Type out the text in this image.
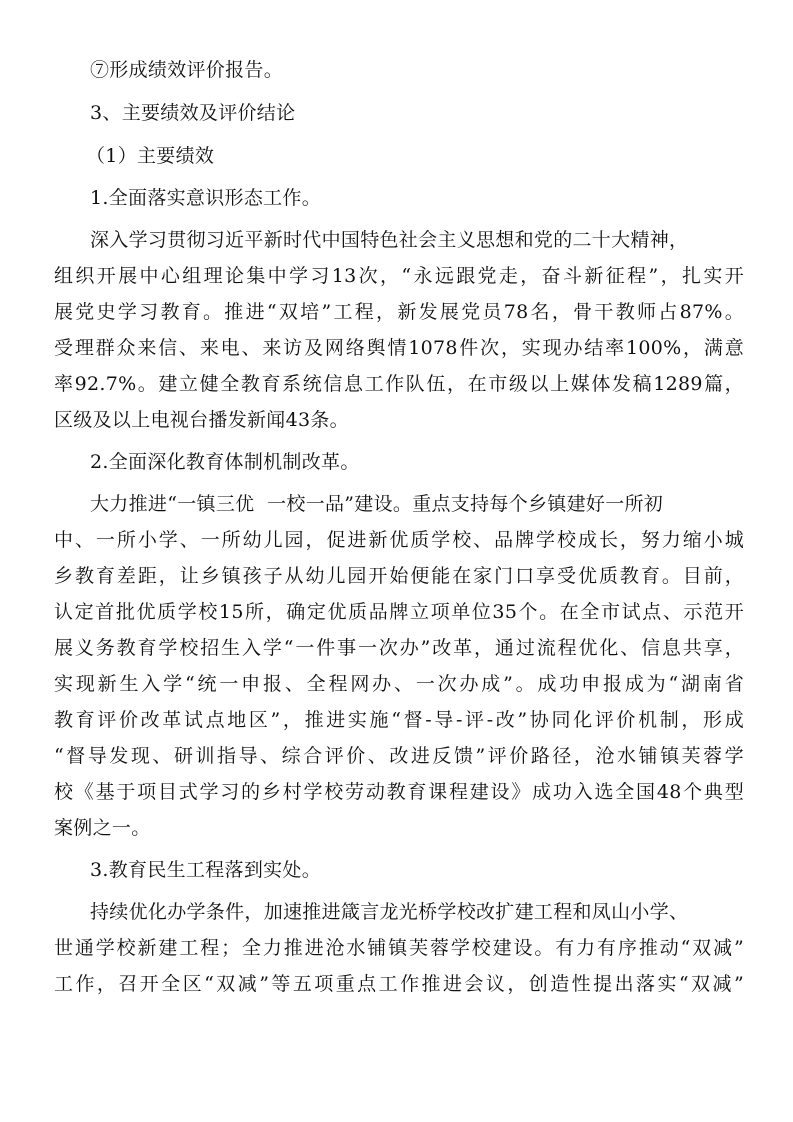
⑦形成绩效评价报告。
3、主要绩效及评价结论
（1）主要绩效
1.全面落实意识形态工作。
深入学习贯彻习近平新时代中国特色社会主义思想和党的二十大精神，
组织开展中心组理论集中学习13次，“永远跟党走，奋斗新征程”，扎实开
展党史学习教育。推进“双培”工程，新发展党员78名，骨干教师占87%。
受理群众来信、来电、来访及网络舆情1078件次，实现办结率100%，满意
率92.7%。建立健全教育系统信息工作队伍，在市级以上媒体发稿1289篇，
区级及以上电视台播发新闻43条。
2.全面深化教育体制机制改革。
大力推进“一镇三优  一校一品”建设。重点支持每个乡镇建好一所初
中、一所小学、一所幼儿园，促进新优质学校、品牌学校成长，努力缩小城
乡教育差距，让乡镇孩子从幼儿园开始便能在家门口享受优质教育。目前，
认定首批优质学校15所，确定优质品牌立项单位35个。在全市试点、示范开
展义务教育学校招生入学“一件事一次办”改革，通过流程优化、信息共享，
实现新生入学“统一申报、全程网办、一次办成”。成功申报成为“湖南省
教育评价改革试点地区”，推进实施“督-导-评-改”协同化评价机制，形成
“督导发现、研训指导、综合评价、改进反馈”评价路径，沧水铺镇芙蓉学
校《基于项目式学习的乡村学校劳动教育课程建设》成功入选全国48个典型
案例之一。
3.教育民生工程落到实处。
持续优化办学条件，加速推进箴言龙光桥学校改扩建工程和凤山小学、
世通学校新建工程；全力推进沧水铺镇芙蓉学校建设。有力有序推动“双减”
工作，召开全区“双减”等五项重点工作推进会议，创造性提出落实“双减”
